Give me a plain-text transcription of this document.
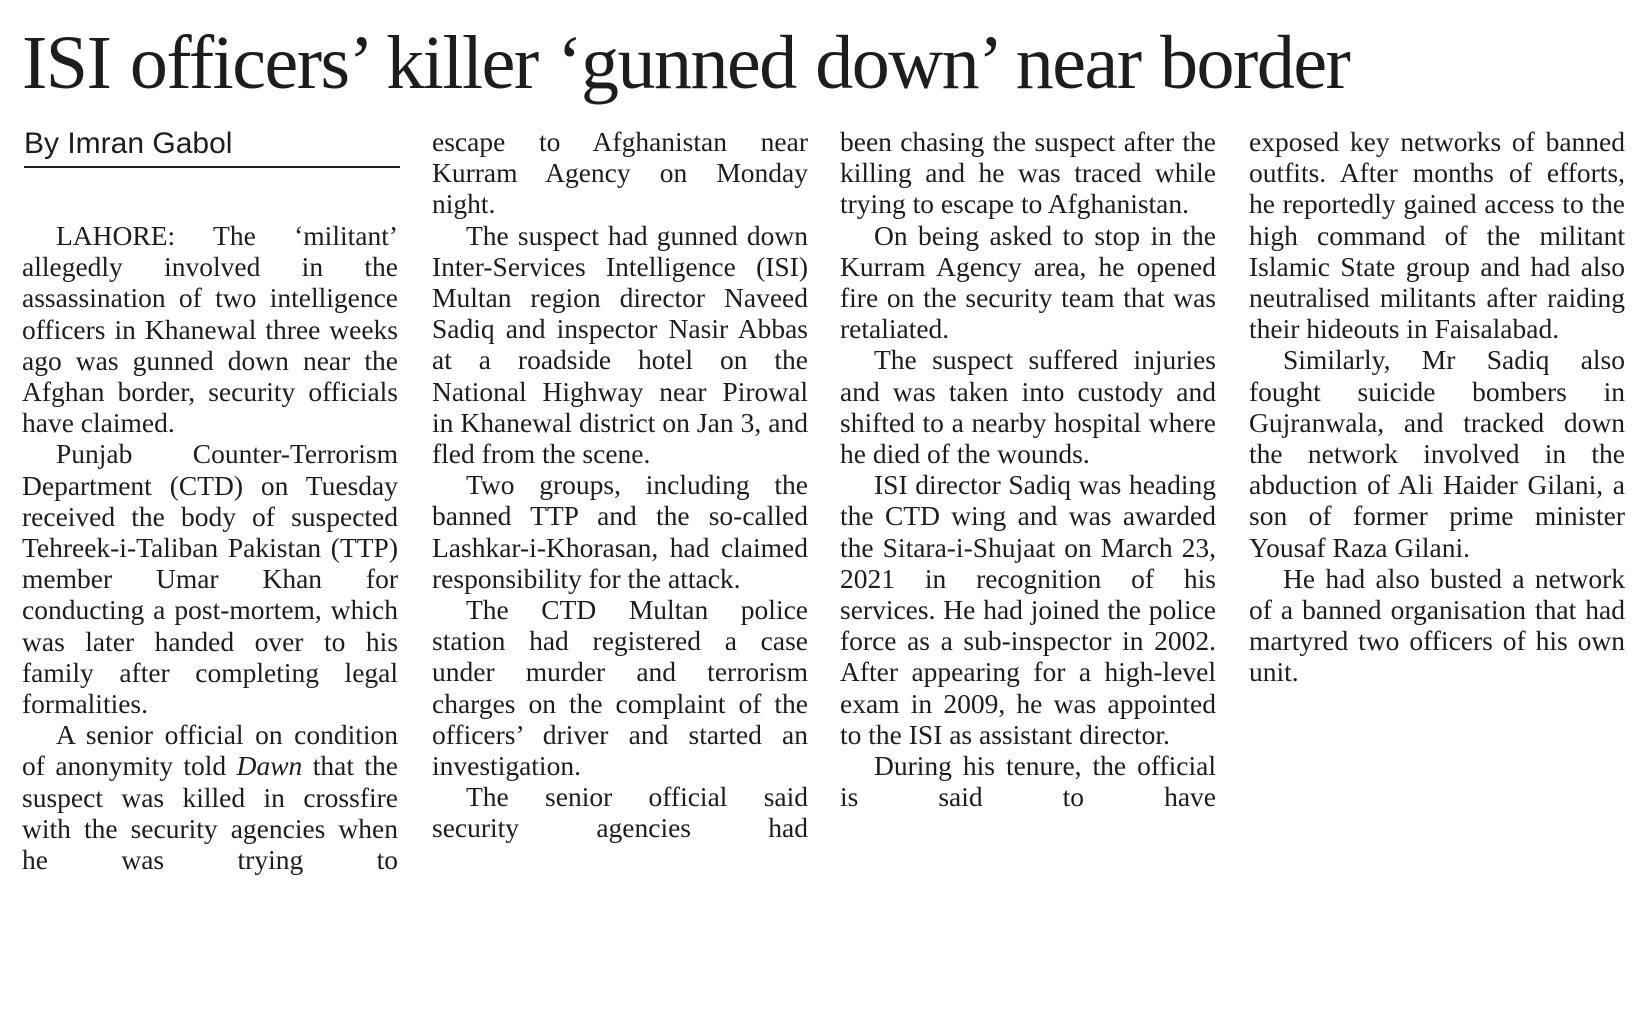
ISI officers’ killer ‘gunned down’ near border
By Imran Gabol

LAHORE: The ‘militant’ allegedly involved in the assassination of two intelligence officers in Khanewal three weeks ago was gunned down near the Afghan border, security officials have claimed.

Punjab Counter-Terrorism Department (CTD) on Tuesday received the body of suspected Tehreek-i-Taliban Pakistan (TTP) member Umar Khan for conducting a post-mortem, which was later handed over to his family after completing legal formalities.

A senior official on condition of anonymity told Dawn that the suspect was killed in crossfire with the security agencies when he was trying to

escape to Afghanistan near Kurram Agency on Monday night.

The suspect had gunned down Inter-Services Intelligence (ISI) Multan region director Naveed Sadiq and inspector Nasir Abbas at a roadside hotel on the National Highway near Pirowal in Khanewal district on Jan 3, and fled from the scene.

Two groups, including the banned TTP and the so-called Lashkar-i-Khorasan, had claimed responsibility for the attack.

The CTD Multan police station had registered a case under murder and terrorism charges on the complaint of the officers’ driver and started an investigation.

The senior official said security agencies had

been chasing the suspect after the killing and he was traced while trying to escape to Afghanistan.

On being asked to stop in the Kurram Agency area, he opened fire on the security team that was retaliated.

The suspect suffered injuries and was taken into custody and shifted to a nearby hospital where he died of the wounds.

ISI director Sadiq was heading the CTD wing and was awarded the Sitara-i-Shujaat on March 23, 2021 in recognition of his services. He had joined the police force as a sub-inspector in 2002. After appearing for a high-level exam in 2009, he was appointed to the ISI as assistant director.

During his tenure, the official is said to have

exposed key networks of banned outfits. After months of efforts, he reportedly gained access to the high command of the militant Islamic State group and had also neutralised militants after raiding their hideouts in Faisalabad.

Similarly, Mr Sadiq also fought suicide bombers in Gujranwala, and tracked down the network involved in the abduction of Ali Haider Gilani, a son of former prime minister Yousaf Raza Gilani.

He had also busted a network of a banned organisation that had martyred two officers of his own unit.
